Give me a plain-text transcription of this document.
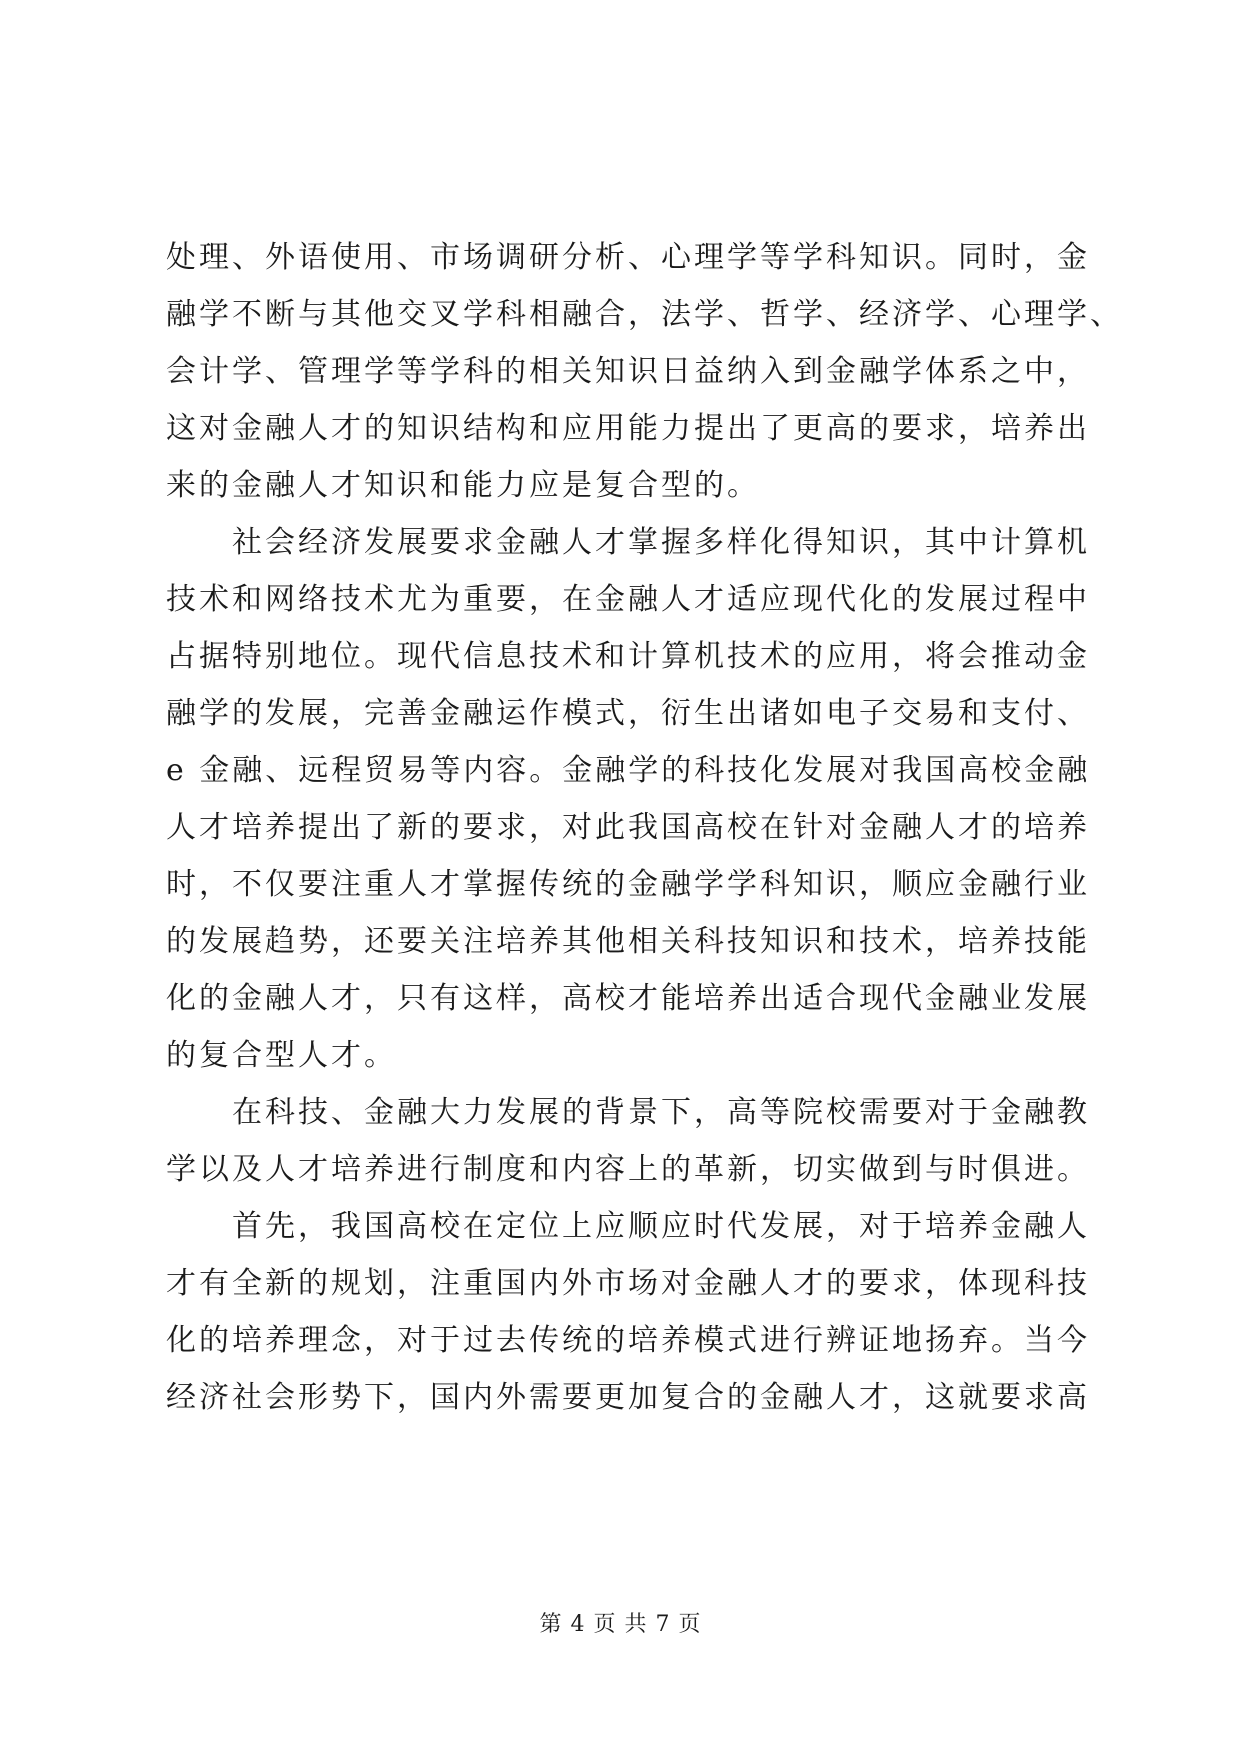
处理、外语使用、市场调研分析、心理学等学科知识。同时，金
融学不断与其他交叉学科相融合，法学、哲学、经济学、心理学、
会计学、管理学等学科的相关知识日益纳入到金融学体系之中，
这对金融人才的知识结构和应用能力提出了更高的要求，培养出
来的金融人才知识和能力应是复合型的。
社会经济发展要求金融人才掌握多样化得知识，其中计算机
技术和网络技术尤为重要，在金融人才适应现代化的发展过程中
占据特别地位。现代信息技术和计算机技术的应用，将会推动金
融学的发展，完善金融运作模式，衍生出诸如电子交易和支付、
e 金融、远程贸易等内容。金融学的科技化发展对我国高校金融
人才培养提出了新的要求，对此我国高校在针对金融人才的培养
时，不仅要注重人才掌握传统的金融学学科知识，顺应金融行业
的发展趋势，还要关注培养其他相关科技知识和技术，培养技能
化的金融人才，只有这样，高校才能培养出适合现代金融业发展
的复合型人才。
在科技、金融大力发展的背景下，高等院校需要对于金融教
学以及人才培养进行制度和内容上的革新，切实做到与时俱进。
首先，我国高校在定位上应顺应时代发展，对于培养金融人
才有全新的规划，注重国内外市场对金融人才的要求，体现科技
化的培养理念，对于过去传统的培养模式进行辨证地扬弃。当今
经济社会形势下，国内外需要更加复合的金融人才，这就要求高
第 4 页 共 7 页
